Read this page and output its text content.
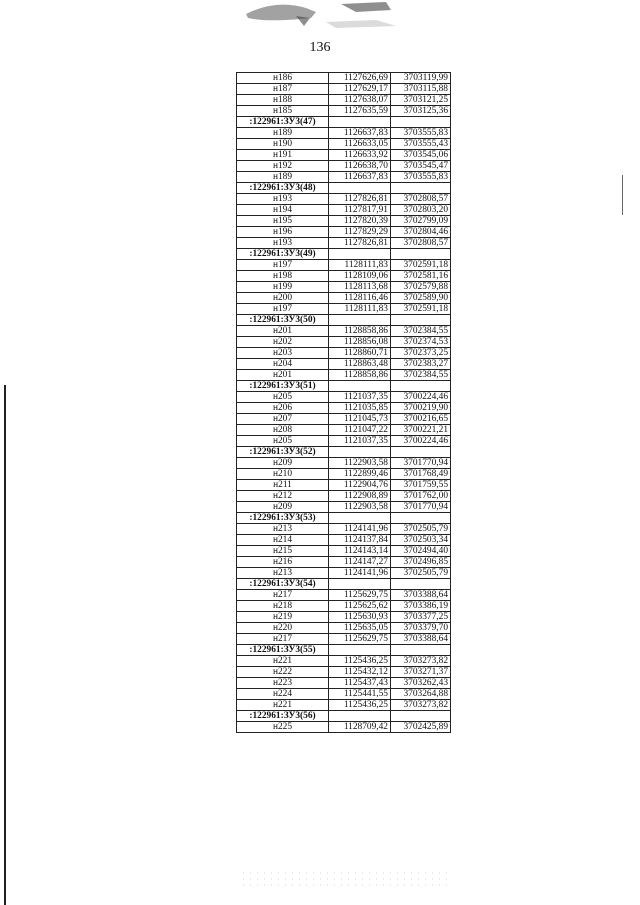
136
н186	1127626,69	3703119,99
н187	1127629,17	3703115,88
н188	1127638,07	3703121,25
н185	1127635,59	3703125,36
:122961:ЗУ3(47)		
н189	1126637,83	3703555,83
н190	1126633,05	3703555,43
н191	1126633,92	3703545,06
н192	1126638,70	3703545,47
н189	1126637,83	3703555,83
:122961:ЗУ3(48)		
н193	1127826,81	3702808,57
н194	1127817,91	3702803,20
н195	1127820,39	3702799,09
н196	1127829,29	3702804,46
н193	1127826,81	3702808,57
:122961:ЗУ3(49)		
н197	1128111,83	3702591,18
н198	1128109,06	3702581,16
н199	1128113,68	3702579,88
н200	1128116,46	3702589,90
н197	1128111,83	3702591,18
:122961:ЗУ3(50)		
н201	1128858,86	3702384,55
н202	1128856,08	3702374,53
н203	1128860,71	3702373,25
н204	1128863,48	3702383,27
н201	1128858,86	3702384,55
:122961:ЗУ3(51)		
н205	1121037,35	3700224,46
н206	1121035,85	3700219,90
н207	1121045,73	3700216,65
н208	1121047,22	3700221,21
н205	1121037,35	3700224,46
:122961:ЗУ3(52)		
н209	1122903,58	3701770,94
н210	1122899,46	3701768,49
н211	1122904,76	3701759,55
н212	1122908,89	3701762,00
н209	1122903,58	3701770,94
:122961:ЗУ3(53)		
н213	1124141,96	3702505,79
н214	1124137,84	3702503,34
н215	1124143,14	3702494,40
н216	1124147,27	3702496,85
н213	1124141,96	3702505,79
:122961:ЗУ3(54)		
н217	1125629,75	3703388,64
н218	1125625,62	3703386,19
н219	1125630,93	3703377,25
н220	1125635,05	3703379,70
н217	1125629,75	3703388,64
:122961:ЗУ3(55)		
н221	1125436,25	3703273,82
н222	1125432,12	3703271,37
н223	1125437,43	3703262,43
н224	1125441,55	3703264,88
н221	1125436,25	3703273,82
:122961:ЗУ3(56)		
н225	1128709,42	3702425,89
